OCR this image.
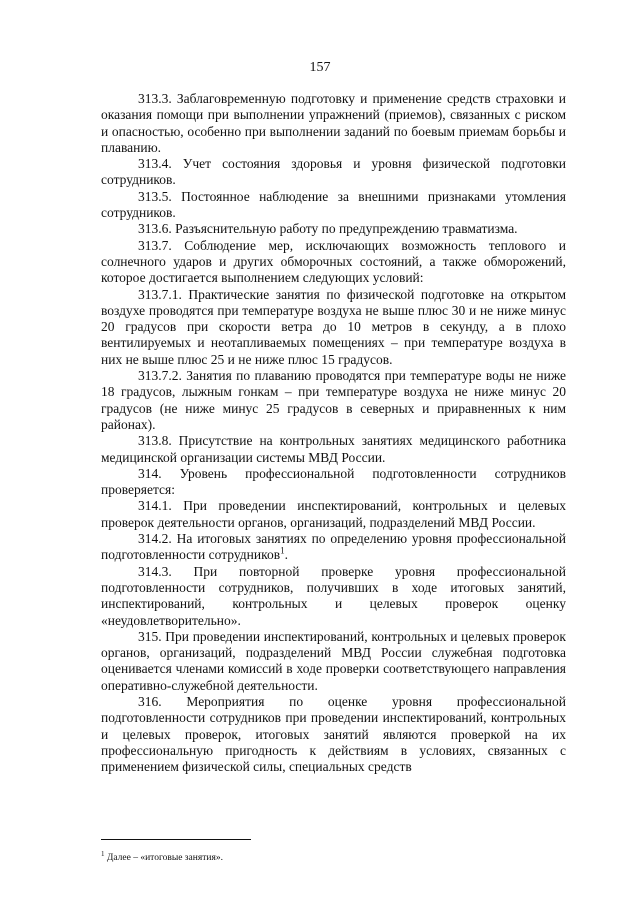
157

313.3. Заблаговременную подготовку и применение средств страховки и оказания помощи при выполнении упражнений (приемов), связанных с риском и опасностью, особенно при выполнении заданий по боевым приемам борьбы и плаванию.

313.4. Учет состояния здоровья и уровня физической подготовки сотрудников.

313.5. Постоянное наблюдение за внешними признаками утомления сотрудников.

313.6. Разъяснительную работу по предупреждению травматизма.

313.7. Соблюдение мер, исключающих возможность теплового и солнечного ударов и других обморочных состояний, а также обморожений, которое достигается выполнением следующих условий:

313.7.1. Практические занятия по физической подготовке на открытом воздухе проводятся при температуре воздуха не выше плюс 30 и не ниже минус 20 градусов при скорости ветра до 10 метров в секунду, а в плохо вентилируемых и неотапливаемых помещениях – при температуре воздуха в них не выше плюс 25 и не ниже плюс 15 градусов.

313.7.2. Занятия по плаванию проводятся при температуре воды не ниже 18 градусов, лыжным гонкам – при температуре воздуха не ниже минус 20 градусов (не ниже минус 25 градусов в северных и приравненных к ним районах).

313.8. Присутствие на контрольных занятиях медицинского работника медицинской организации системы МВД России.

314. Уровень профессиональной подготовленности сотрудников проверяется:

314.1. При проведении инспектирований, контрольных и целевых проверок деятельности органов, организаций, подразделений МВД России.

314.2. На итоговых занятиях по определению уровня профессиональной подготовленности сотрудников$^1$.

314.3. При повторной проверке уровня профессиональной подготовленности сотрудников, получивших в ходе итоговых занятий, инспектирований, контрольных и целевых проверок оценку «неудовлетворительно».

315. При проведении инспектирований, контрольных и целевых проверок органов, организаций, подразделений МВД России служебная подготовка оценивается членами комиссий в ходе проверки соответствующего направления оперативно-служебной деятельности.

316. Мероприятия по оценке уровня профессиональной подготовленности сотрудников при проведении инспектирований, контрольных и целевых проверок, итоговых занятий являются проверкой на их профессиональную пригодность к действиям в условиях, связанных с применением физической силы, специальных средств

$^1$ Далее – «итоговые занятия».
